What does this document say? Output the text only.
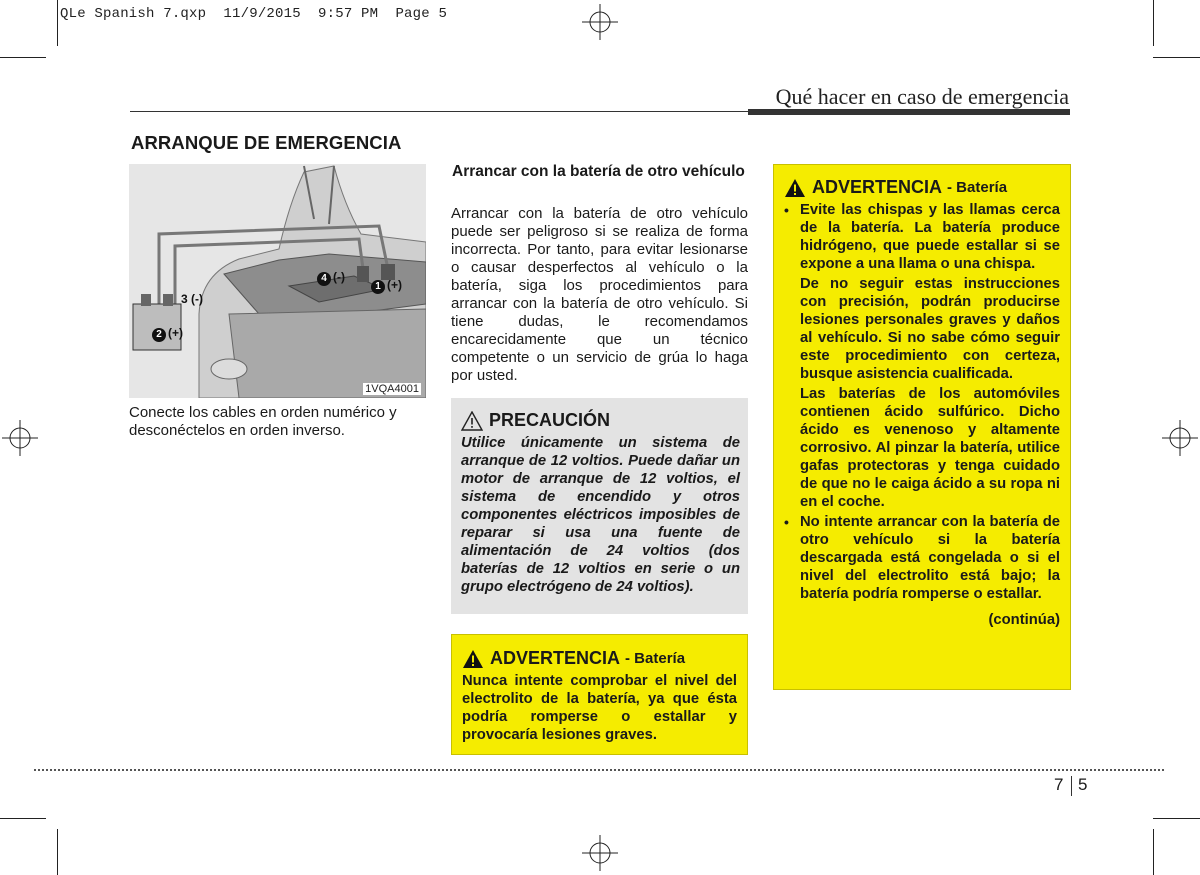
QLe Spanish 7.qxp  11/9/2015  9:57 PM  Page 5
Qué hacer en caso de emergencia
ARRANQUE DE EMERGENCIA
4 (-)
1 (+)
3 (-)
2 (+)
1VQA4001
Conecte los cables en orden numérico y desconéctelos en orden inverso.
Arrancar con la batería de otro vehículo
Arrancar con la batería de otro vehículo puede ser peligroso si se realiza de forma incorrecta. Por tanto, para evitar lesionarse o causar desperfectos al vehículo o la batería, siga los procedimientos para arrancar con la batería de otro vehículo. Si tiene dudas, le recomendamos encarecidamente que un técnico competente o un servicio de grúa lo haga por usted.
PRECAUCIÓN
Utilice únicamente un sistema de arranque de 12 voltios. Puede dañar un motor de arranque de 12 voltios, el sistema de encendido y otros componentes eléctricos imposibles de reparar si usa una fuente de alimentación de 24 voltios (dos baterías de 12 voltios en serie o un grupo electrógeno de 24 voltios).
ADVERTENCIA - Batería
Nunca intente comprobar el nivel del electrolito de la batería, ya que ésta podría romperse o estallar y provocaría lesiones graves.
ADVERTENCIA - Batería
• Evite las chispas y las llamas cerca de la batería. La batería produce hidrógeno, que puede estallar si se expone a una llama o una chispa.
De no seguir estas instrucciones con precisión, podrán producirse lesiones personales graves y daños al vehículo. Si no sabe cómo seguir este procedimiento con certeza, busque asistencia cualificada.
Las baterías de los automóviles contienen ácido sulfúrico. Dicho ácido es venenoso y altamente corrosivo. Al pinzar la batería, utilice gafas protectoras y tenga cuidado de que no le caiga ácido a su ropa ni en el coche.
• No intente arrancar con la batería de otro vehículo si la batería descargada está congelada o si el nivel del electrolito está bajo; la batería podría romperse o estallar.
(continúa)
7 5
